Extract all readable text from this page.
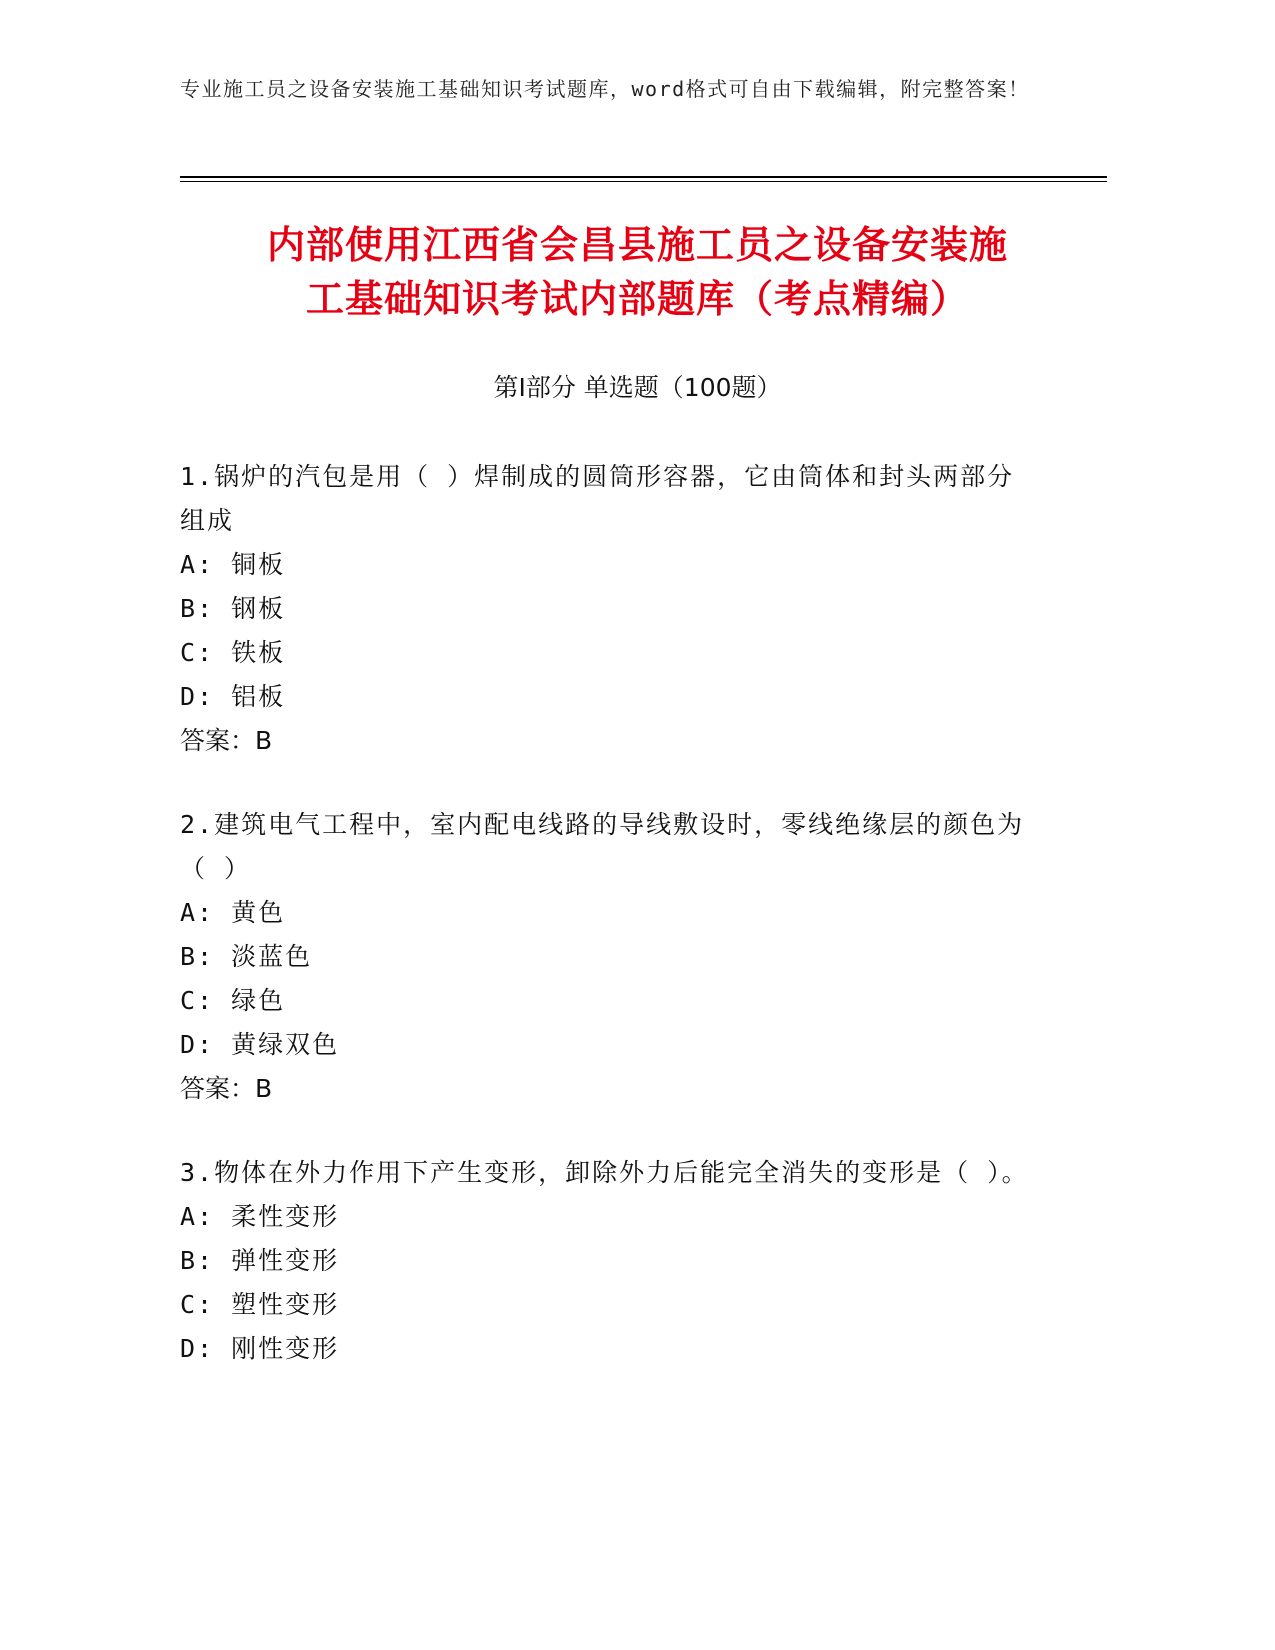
专业施工员之设备安装施工基础知识考试题库，word格式可自由下载编辑，附完整答案！
内部使用江西省会昌县施工员之设备安装施
工基础知识考试内部题库（考点精编）
第Ⅰ部分 单选题（100题）

1.锅炉的汽包是用（ ）焊制成的圆筒形容器，它由筒体和封头两部分组成

A: 铜板

B: 钢板

C: 铁板

D: 铝板

答案：B

2.建筑电气工程中，室内配电线路的导线敷设时，零线绝缘层的颜色为（ ）

A: 黄色

B: 淡蓝色

C: 绿色

D: 黄绿双色

答案：B

3.物体在外力作用下产生变形，卸除外力后能完全消失的变形是（ ）。

A: 柔性变形

B: 弹性变形

C: 塑性变形

D: 刚性变形
